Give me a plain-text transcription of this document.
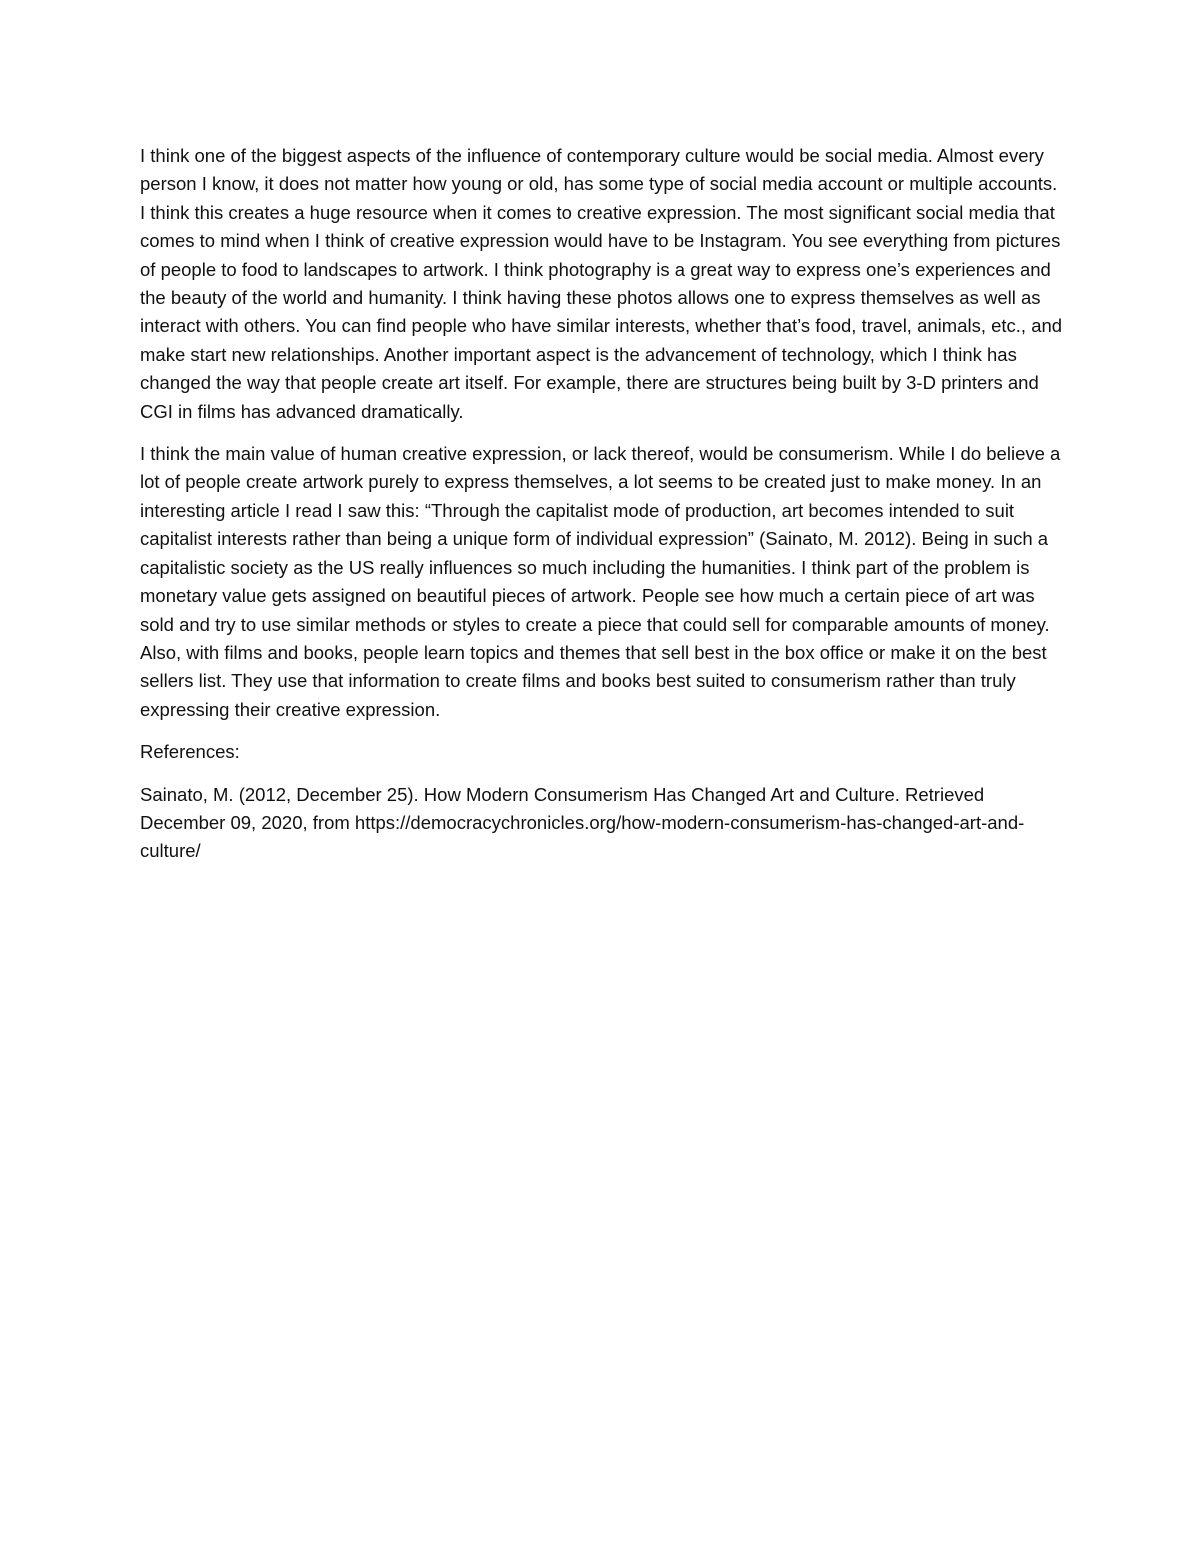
I think one of the biggest aspects of the influence of contemporary culture would be social media. Almost every person I know, it does not matter how young or old, has some type of social media account or multiple accounts. I think this creates a huge resource when it comes to creative expression. The most significant social media that comes to mind when I think of creative expression would have to be Instagram. You see everything from pictures of people to food to landscapes to artwork. I think photography is a great way to express one’s experiences and the beauty of the world and humanity. I think having these photos allows one to express themselves as well as interact with others. You can find people who have similar interests, whether that’s food, travel, animals, etc., and make start new relationships. Another important aspect is the advancement of technology, which I think has changed the way that people create art itself. For example, there are structures being built by 3-D printers and CGI in films has advanced dramatically.

I think the main value of human creative expression, or lack thereof, would be consumerism. While I do believe a lot of people create artwork purely to express themselves, a lot seems to be created just to make money. In an interesting article I read I saw this: “Through the capitalist mode of production, art becomes intended to suit capitalist interests rather than being a unique form of individual expression” (Sainato, M. 2012). Being in such a capitalistic society as the US really influences so much including the humanities. I think part of the problem is monetary value gets assigned on beautiful pieces of artwork. People see how much a certain piece of art was sold and try to use similar methods or styles to create a piece that could sell for comparable amounts of money. Also, with films and books, people learn topics and themes that sell best in the box office or make it on the best sellers list. They use that information to create films and books best suited to consumerism rather than truly expressing their creative expression.

References:

Sainato, M. (2012, December 25). How Modern Consumerism Has Changed Art and Culture. Retrieved December 09, 2020, from https://democracychronicles.org/how-modern-consumerism-has-changed-art-and-culture/
